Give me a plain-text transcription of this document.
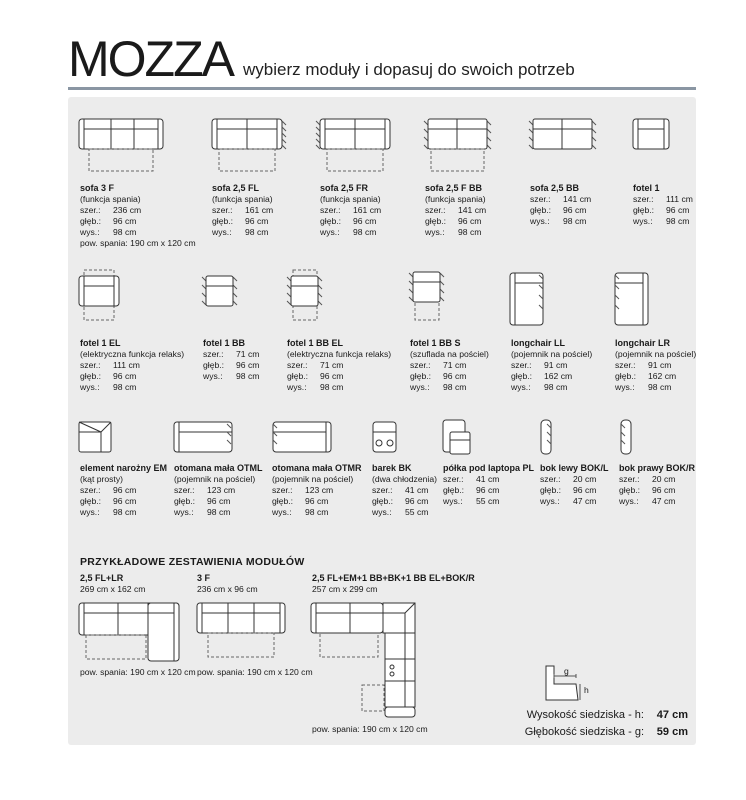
MOZZA wybierz moduły i dopasuj do swoich potrzeb
sofa 3 F
(funkcja spania)
szer.: 236 cm
głęb.: 96 cm
wys.: 98 cm
pow. spania: 190 cm x 120 cm
sofa 2,5 FL
(funkcja spania)
szer.: 161 cm
głęb.: 96 cm
wys.: 98 cm
sofa 2,5 FR
(funkcja spania)
szer.: 161 cm
głęb.: 96 cm
wys.: 98 cm
sofa 2,5 F BB
(funkcja spania)
szer.: 141 cm
głęb.: 96 cm
wys.: 98 cm
sofa 2,5 BB
szer.: 141 cm
głęb.: 96 cm
wys.: 98 cm
fotel 1
szer.: 111 cm
głęb.: 96 cm
wys.: 98 cm
fotel 1 EL
(elektryczna funkcja relaks)
szer.: 111 cm
głęb.: 96 cm
wys.: 98 cm
fotel 1 BB
szer.: 71 cm
głęb.: 96 cm
wys.: 98 cm
fotel 1 BB EL
(elektryczna funkcja relaks)
szer.: 71 cm
głęb.: 96 cm
wys.: 98 cm
fotel 1 BB S
(szuflada na pościel)
szer.: 71 cm
głęb.: 96 cm
wys.: 98 cm
longchair LL
(pojemnik na pościel)
szer.: 91 cm
głęb.: 162 cm
wys.: 98 cm
longchair LR
(pojemnik na pościel)
szer.: 91 cm
głęb.: 162 cm
wys.: 98 cm
element narożny EM
(kąt prosty)
szer.: 96 cm
głęb.: 96 cm
wys.: 98 cm
otomana mała OTML
(pojemnik na pościel)
szer.: 123 cm
głęb.: 96 cm
wys.: 98 cm
otomana mała OTMR
(pojemnik na pościel)
szer.: 123 cm
głęb.: 96 cm
wys.: 98 cm
barek BK
(dwa chłodzenia)
szer.: 41 cm
głęb.: 96 cm
wys.: 55 cm
półka pod laptopa PL
szer.: 41 cm
głęb.: 96 cm
wys.: 55 cm
bok lewy BOK/L
szer.: 20 cm
głęb.: 96 cm
wys.: 47 cm
bok prawy BOK/R
szer.: 20 cm
głęb.: 96 cm
wys.: 47 cm
PRZYKŁADOWE ZESTAWIENIA MODUŁÓW
2,5 FL+LR
269 cm x 162 cm
pow. spania: 190 cm x 120 cm
3 F
236 cm x 96 cm
pow. spania: 190 cm x 120 cm
2,5 FL+EM+1 BB+BK+1 BB EL+BOK/R
257 cm x 299 cm
pow. spania: 190 cm x 120 cm
g
h
Wysokość siedziska - h: 47 cm
Głębokość siedziska - g: 59 cm
